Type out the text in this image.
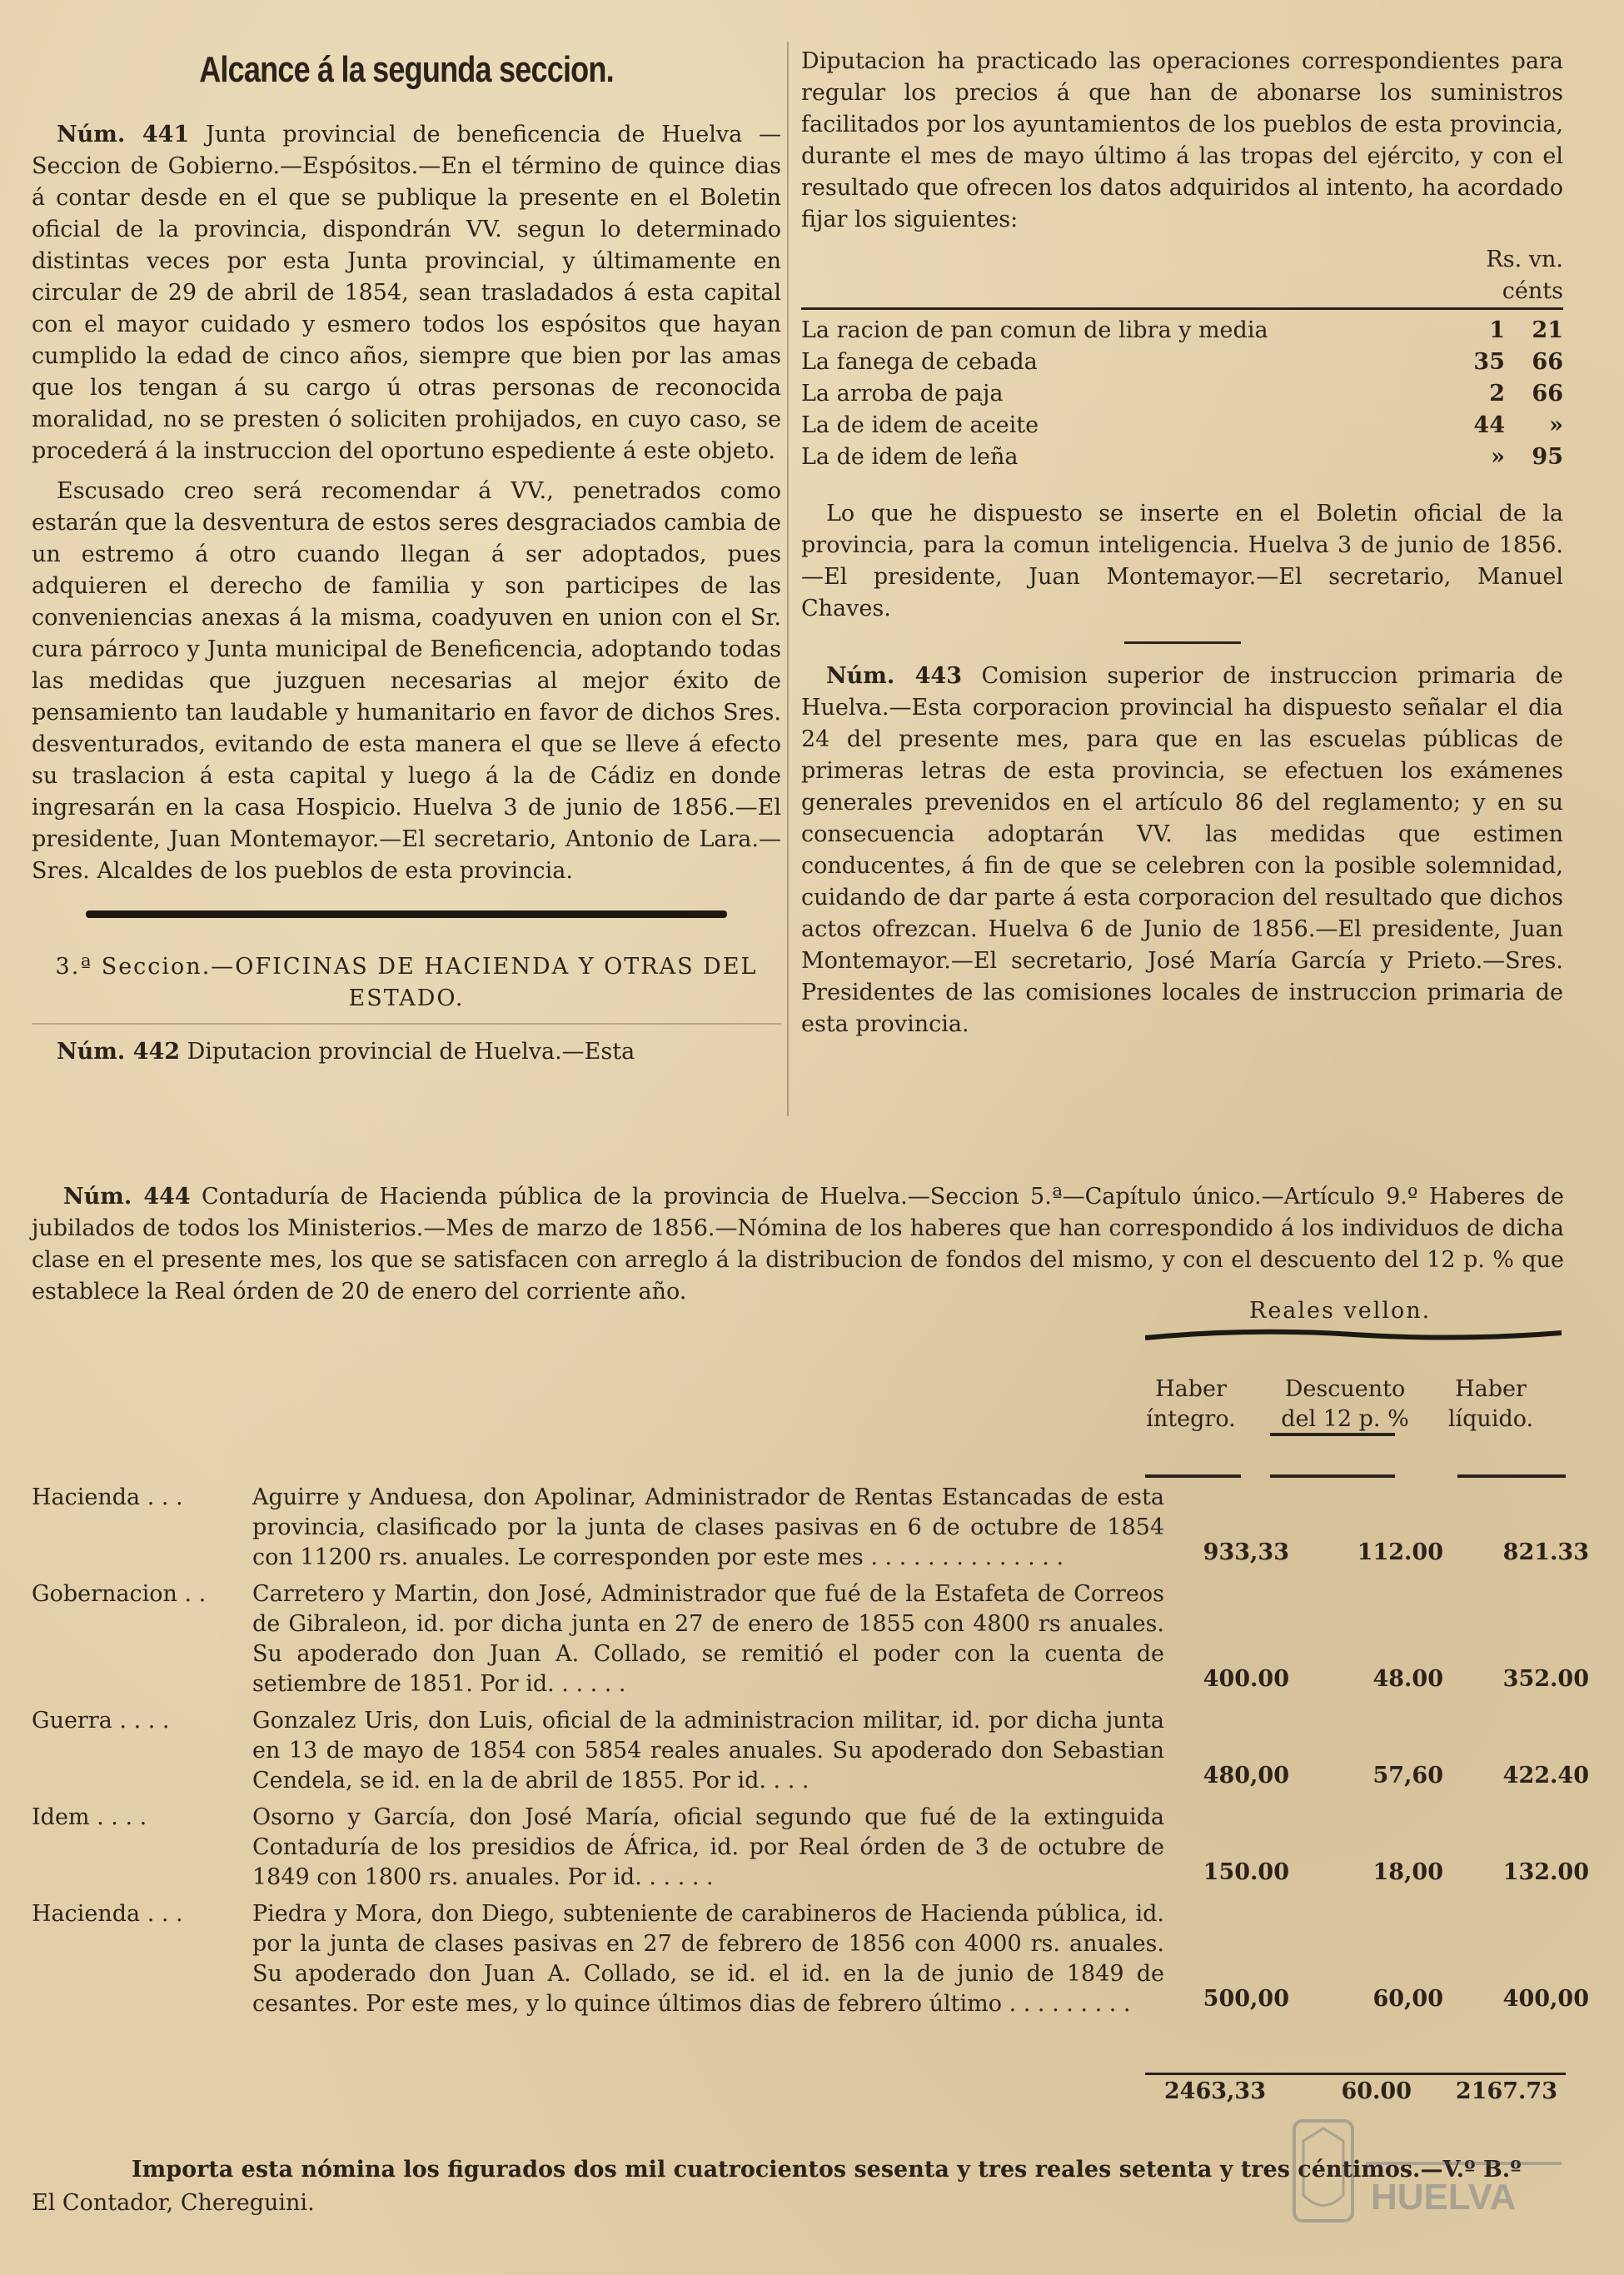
Alcance á la segunda seccion.

Núm. 441 Junta provincial de beneficencia de Huelva —Seccion de Gobierno.—Espósitos.—En el término de quince dias á contar desde en el que se publique la presente en el Boletin oficial de la provincia, dispondrán VV. segun lo determinado distintas veces por esta Junta provincial, y últimamente en circular de 29 de abril de 1854, sean trasladados á esta capital con el mayor cuidado y esmero todos los espósitos que hayan cumplido la edad de cinco años, siempre que bien por las amas que los tengan á su cargo ú otras personas de reconocida moralidad, no se presten ó soliciten prohijados, en cuyo caso, se procederá á la instruccion del oportuno espediente á este objeto.

Escusado creo será recomendar á VV., penetrados como estarán que la desventura de estos seres desgraciados cambia de un estremo á otro cuando llegan á ser adoptados, pues adquieren el derecho de familia y son participes de las conveniencias anexas á la misma, coadyuven en union con el Sr. cura párroco y Junta municipal de Beneficencia, adoptando todas las medidas que juzguen necesarias al mejor éxito de pensamiento tan laudable y humanitario en favor de dichos Sres. desventurados, evitando de esta manera el que se lleve á efecto su traslacion á esta capital y luego á la de Cádiz en donde ingresarán en la casa Hospicio. Huelva 3 de junio de 1856.—El presidente, Juan Montemayor.—El secretario, Antonio de Lara.—Sres. Alcaldes de los pueblos de esta provincia.

3.ª Seccion.—OFICINAS DE HACIENDA Y OTRAS DEL ESTADO.

Núm. 442 Diputacion provincial de Huelva.—Esta

Diputacion ha practicado las operaciones correspondientes para regular los precios á que han de abonarse los suministros facilitados por los ayuntamientos de los pueblos de esta provincia, durante el mes de mayo último á las tropas del ejército, y con el resultado que ofrecen los datos adquiridos al intento, ha acordado fijar los siguientes:

	Rs. vn. cénts	

La racion de pan comun de libra y media	1	21
La fanega de cebada	35	66
La arroba de paja	2	66
La de idem de aceite	44	»
La de idem de leña	»	95

Lo que he dispuesto se inserte en el Boletin oficial de la provincia, para la comun inteligencia. Huelva 3 de junio de 1856.—El presidente, Juan Montemayor.—El secretario, Manuel Chaves.

Núm. 443 Comision superior de instruccion primaria de Huelva.—Esta corporacion provincial ha dispuesto señalar el dia 24 del presente mes, para que en las escuelas públicas de primeras letras de esta provincia, se efectuen los exámenes generales prevenidos en el artículo 86 del reglamento; y en su consecuencia adoptarán VV. las medidas que estimen conducentes, á fin de que se celebren con la posible solemnidad, cuidando de dar parte á esta corporacion del resultado que dichos actos ofrezcan. Huelva 6 de Junio de 1856.—El presidente, Juan Montemayor.—El secretario, José María García y Prieto.—Sres. Presidentes de las comisiones locales de instruccion primaria de esta provincia.

Núm. 444 Contaduría de Hacienda pública de la provincia de Huelva.—Seccion 5.ª—Capítulo único.—Artículo 9.º Haberes de jubilados de todos los Ministerios.—Mes de marzo de 1856.—Nómina de los haberes que han correspondido á los individuos de dicha clase en el presente mes, los que se satisfacen con arreglo á la distribucion de fondos del mismo, y con el descuento del 12 p. % que establece la Real órden de 20 de enero del corriente año.

Reales vellon.
Haber íntegro.
Descuento del 12 p. %
Haber líquido.
Hacienda . . .	Aguirre y Anduesa, don Apolinar, Administrador de Rentas Estancadas de esta provincia, clasificado por la junta de clases pasivas en 6 de octubre de 1854 con 11200 rs. anuales. Le corresponden por este mes . . . . . . . . . . . . . .	933,33	112.00	821.33
Gobernacion . .	Carretero y Martin, don José, Administrador que fué de la Estafeta de Correos de Gibraleon, id. por dicha junta en 27 de enero de 1855 con 4800 rs anuales. Su apoderado don Juan A. Collado, se remitió el poder con la cuenta de setiembre de 1851. Por id. . . . . .	400.00	48.00	352.00
Guerra . . . .	Gonzalez Uris, don Luis, oficial de la administracion militar, id. por dicha junta en 13 de mayo de 1854 con 5854 reales anuales. Su apoderado don Sebastian Cendela, se id. en la de abril de 1855. Por id. . . .	480,00	57,60	422.40
Idem . . . .	Osorno y García, don José María, oficial segundo que fué de la extinguida Contaduría de los presidios de África, id. por Real órden de 3 de octubre de 1849 con 1800 rs. anuales. Por id. . . . . .	150.00	18,00	132.00
Hacienda . . .	Piedra y Mora, don Diego, subteniente de carabineros de Hacienda pública, id. por la junta de clases pasivas en 27 de febrero de 1856 con 4000 rs. anuales. Su apoderado don Juan A. Collado, se id. el id. en la de junio de 1849 de cesantes. Por este mes, y lo quince últimos dias de febrero último . . . . . . . . .	500,00	60,00	400,00
2463,33	60.00	2167.73

Importa esta nómina los figurados dos mil cuatrocientos sesenta y tres reales setenta y tres céntimos.—V.º B.º

El Contador, Chereguini.	HUELVA
